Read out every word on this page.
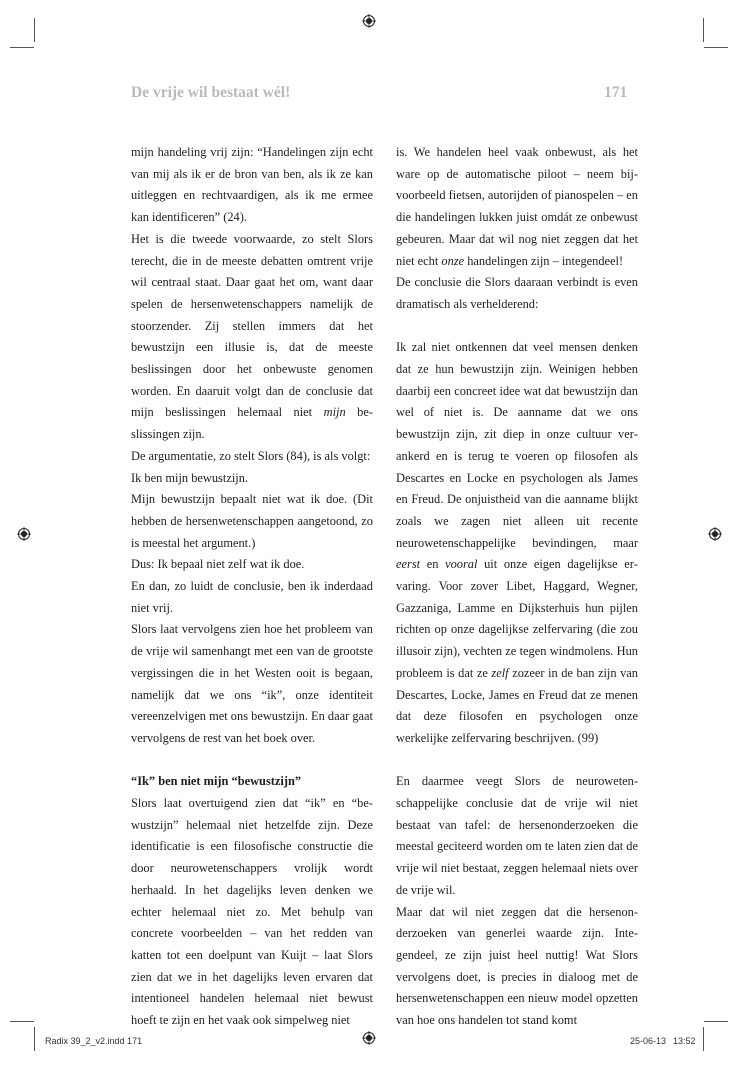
De vrije wil bestaat wél!	171

mijn handeling vrij zijn: “Handelingen zijn echt van mij als ik er de bron van ben, als ik ze kan uitleggen en rechtvaardigen, als ik me ermee kan identificeren” (24).

Het is die tweede voorwaarde, zo stelt Slors terecht, die in de meeste debatten omtrent vrije wil centraal staat. Daar gaat het om, want daar spelen de hersenwetenschappers namelijk de stoorzender. Zij stellen immers dat het bewustzijn een illusie is, dat de meeste beslissingen door het onbewuste genomen worden. En daaruit volgt dan de conclusie dat mijn beslissingen helemaal niet mijn beslissingen zijn.

De argumentatie, zo stelt Slors (84), is als volgt:

Ik ben mijn bewustzijn.

Mijn bewustzijn bepaalt niet wat ik doe. (Dit hebben de hersenwetenschappen aangetoond, zo is meestal het argument.)

Dus: Ik bepaal niet zelf wat ik doe.

En dan, zo luidt de conclusie, ben ik inderdaad niet vrij.

Slors laat vervolgens zien hoe het probleem van de vrije wil samenhangt met een van de grootste vergissingen die in het Westen ooit is begaan, namelijk dat we ons “ik”, onze identiteit vereenzelvigen met ons bewustzijn. En daar gaat vervolgens de rest van het boek over.

“Ik” ben niet mijn “bewustzijn”

Slors laat overtuigend zien dat “ik” en “bewustzijn” helemaal niet hetzelfde zijn. Deze identificatie is een filosofische constructie die door neurowetenschappers vrolijk wordt herhaald. In het dagelijks leven denken we echter helemaal niet zo. Met behulp van concrete voorbeelden – van het redden van katten tot een doelpunt van Kuijt – laat Slors zien dat we in het dagelijks leven ervaren dat intentioneel handelen helemaal niet bewust hoeft te zijn en het vaak ook simpelweg niet

is. We handelen heel vaak onbewust, als het ware op de automatische piloot – neem bijvoorbeeld fietsen, autorijden of pianospelen – en die handelingen lukken juist omdát ze onbewust gebeuren. Maar dat wil nog niet zeggen dat het niet echt onze handelingen zijn – integendeel!

De conclusie die Slors daaraan verbindt is even dramatisch als verhelderend:

Ik zal niet ontkennen dat veel mensen denken dat ze hun bewustzijn zijn. Weinigen hebben daarbij een concreet idee wat dat bewustzijn dan wel of niet is. De aanname dat we ons bewustzijn zijn, zit diep in onze cultuur verankerd en is terug te voeren op filosofen als Descartes en Locke en psychologen als James en Freud. De onjuistheid van die aanname blijkt zoals we zagen niet alleen uit recente neurowetenschappelijke bevindingen, maar eerst en vooral uit onze eigen dagelijkse ervaring. Voor zover Libet, Haggard, Wegner, Gazzaniga, Lamme en Dijksterhuis hun pijlen richten op onze dagelijkse zelfervaring (die zou illusoir zijn), vechten ze tegen windmolens. Hun probleem is dat ze zelf zozeer in de ban zijn van Descartes, Locke, James en Freud dat ze menen dat deze filosofen en psychologen onze werkelijke zelfervaring beschrijven. (99)

En daarmee veegt Slors de neurowetenschappelijke conclusie dat de vrije wil niet bestaat van tafel: de hersenonderzoeken die meestal geciteerd worden om te laten zien dat de vrije wil niet bestaat, zeggen helemaal niets over de vrije wil.

Maar dat wil niet zeggen dat die hersenonderzoeken van generlei waarde zijn. Integendeel, ze zijn juist heel nuttig! Wat Slors vervolgens doet, is precies in dialoog met de hersenwetenschappen een nieuw model opzetten van hoe ons handelen tot stand komt

Radix 39_2_v2.indd 171	25-06-13 13:52
